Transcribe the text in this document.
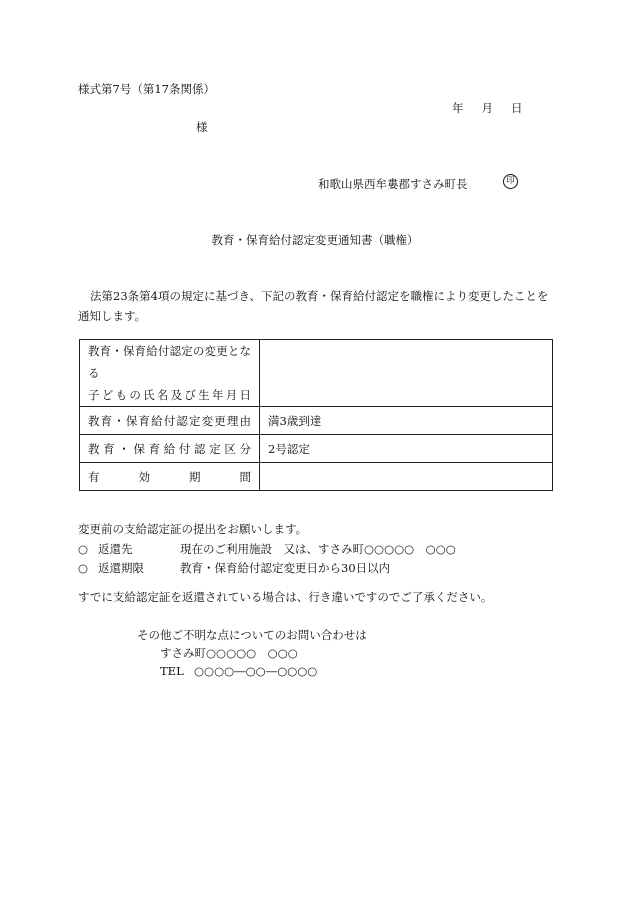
様式第7号（第17条関係）
年 月 日
様
和歌山県西牟婁郡すさみ町長	印
教育・保育給付認定変更通知書（職権）
法第23条第4項の規定に基づき、下記の教育・保育給付認定を職権により変更したことを通知します。
教育・保育給付認定の変更となる
子どもの氏名及び生年月日	

教育・保育給付認定変更理由	満3歳到達

教育・保育給付認定区分	2号認定

有効期間	

変更前の支給認定証の提出をお願いします。
○ 返還先	現在のご利用施設　又は、すさみ町○○○○○　○○○
○ 返還期限	教育・保育給付認定変更日から30日以内
すでに支給認定証を返還されている場合は、行き違いですのでご了承ください。
その他ご不明な点についてのお問い合わせは
すさみ町○○○○○　○○○
TEL ○○○○―○○―○○○○
